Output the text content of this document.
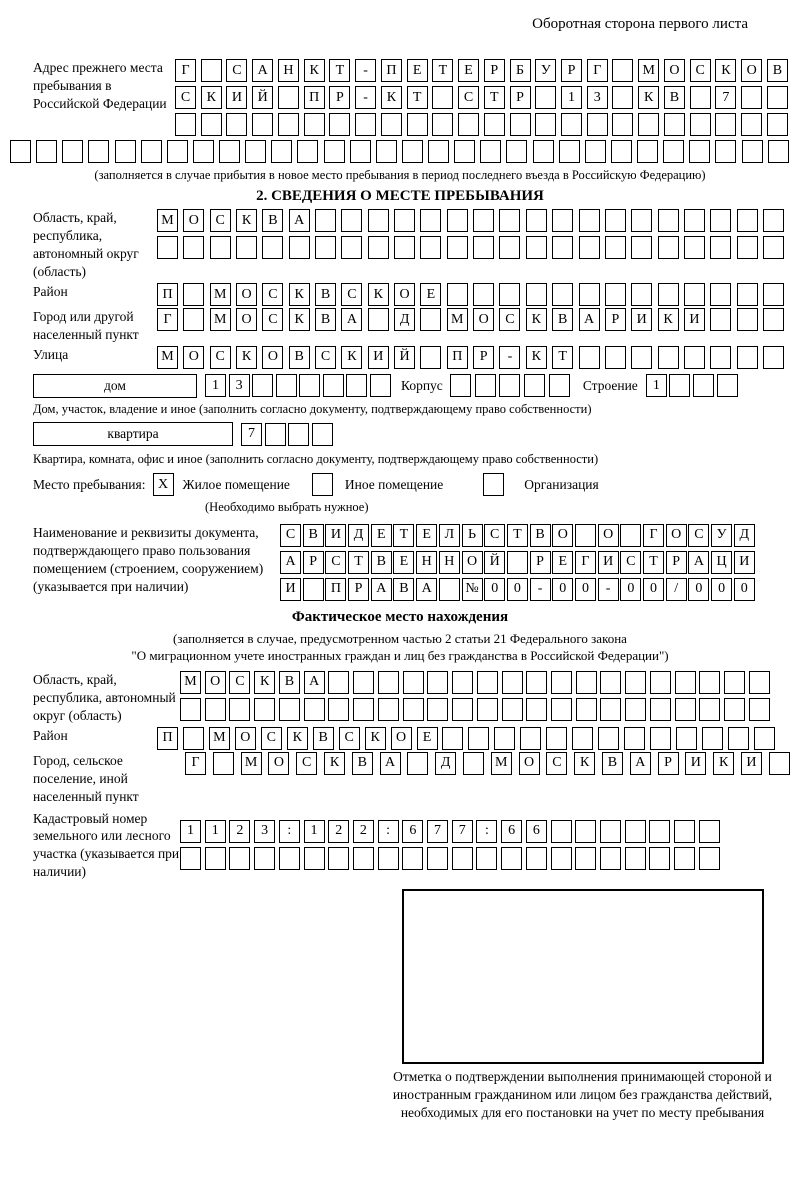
Оборотная сторона первого листа
Адрес прежнего места пребывания в Российской Федерации
Г	С	А	Н	К	Т	-	П	Е	Т	Е	Р	Б	У	Р	Г	М	О	С	К	О	В
С	К	И	Й	П	Р	-	К	Т	С	Т	Р	1	3	К	В	7
(заполняется в случае прибытия в новое место пребывания в период последнего въезда в Российскую Федерацию)
2. СВЕДЕНИЯ О МЕСТЕ ПРЕБЫВАНИЯ
Область, край, республика, автономный округ (область)
М	О	С	К	В	А
Район	П	М	О	С	К	В	С	К	О	Е
Город или другой населенный пункт
Г	М	О	С	К	В	А	Д	М	О	С	К	В	А	Р	И	К	И
Улица	М	О	С	К	О	В	С	К	И	Й	П	Р	-	К	Т
дом	1	3	Корпус	Строение	1
Дом, участок, владение и иное (заполнить согласно документу, подтверждающему право собственности)
квартира	7
Квартира, комната, офис и иное (заполнить согласно документу, подтверждающему право собственности)
Место пребывания: X	Жилое помещение	Иное помещение	Организация
(Необходимо выбрать нужное)
Наименование и реквизиты документа, подтверждающего право пользования помещением (строением, сооружением) (указывается при наличии)
С В И Д Е	Т	Е Л Ь	С Т В О	О	Г О С У Д
А Р	С Т В Е Н Н О Й	Р	Е	Г И С Т	Р А Ц И
И	П Р А В А	№ 0	0	-	0	0	-	0	0	/	0	0	0
Фактическое место нахождения
(заполняется в случае, предусмотренном частью 2 статьи 21 Федерального закона
"О миграционном учете иностранных граждан и лиц без гражданства в Российской Федерации")
Область, край, республика, автономный округ (область)
М О	С	К	В	А
Район	П	М	О	С	К	В	С	К	О	Е
Город, сельское поселение, иной населенный пункт
Г	М	О	С	К	В	А	Д	М	О	С	К	В	А	Р	И	К	И
Кадастровый номер земельного или лесного участка (указывается при наличии)
1	1	2	3	:	1	2	2	:	6	7	7	:	6	6
Отметка о подтверждении выполнения принимающей стороной и иностранным гражданином или лицом без гражданства действий, необходимых для его постановки на учет по месту пребывания
